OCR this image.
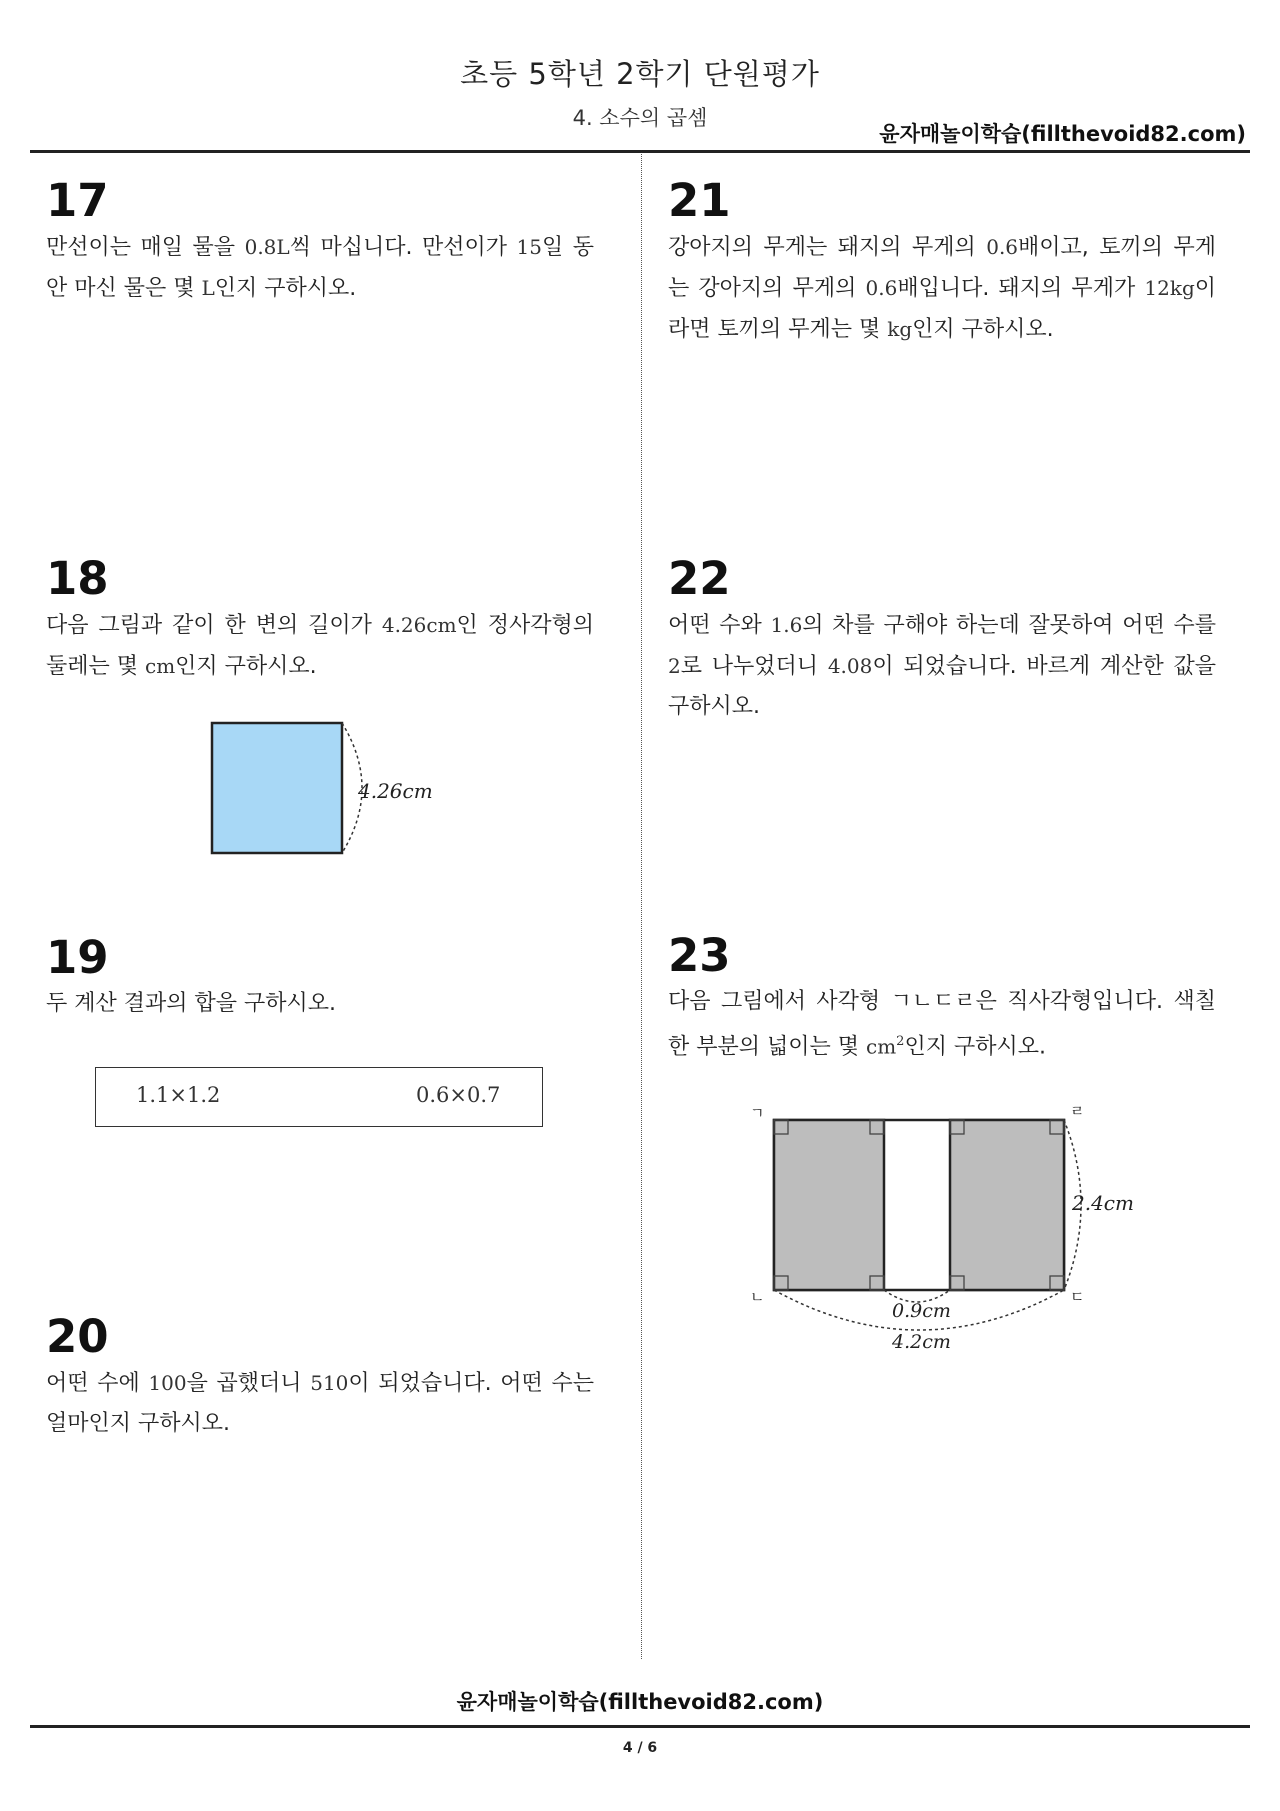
초등 5학년 2학기 단원평가
4. 소수의 곱셈
윤자매놀이학습(fillthevoid82.com)
17
만선이는 매일 물을 0.8L씩 마십니다. 만선이가 15일 동안 마신 물은 몇 L인지 구하시오.
18
다음 그림과 같이 한 변의 길이가 4.26cm인 정사각형의 둘레는 몇 cm인지 구하시오.
4.26cm
19
두 계산 결과의 합을 구하시오.
1.1×1.2	0.6×0.7
20
어떤 수에 100을 곱했더니 510이 되었습니다. 어떤 수는 얼마인지 구하시오.
21
강아지의 무게는 돼지의 무게의 0.6배이고, 토끼의 무게는 강아지의 무게의 0.6배입니다. 돼지의 무게가 12kg이라면 토끼의 무게는 몇 kg인지 구하시오.
22
어떤 수와 1.6의 차를 구해야 하는데 잘못하여 어떤 수를 2로 나누었더니 4.08이 되었습니다. 바르게 계산한 값을 구하시오.
23
다음 그림에서 사각형 ㄱㄴㄷㄹ은 직사각형입니다. 색칠한 부분의 넓이는 몇 $cm^2$인지 구하시오.
ㄱ
ㄴ	ㄷ
ㄹ
2.4cm
0.9cm
4.2cm
윤자매놀이학습(fillthevoid82.com)
4 / 6
